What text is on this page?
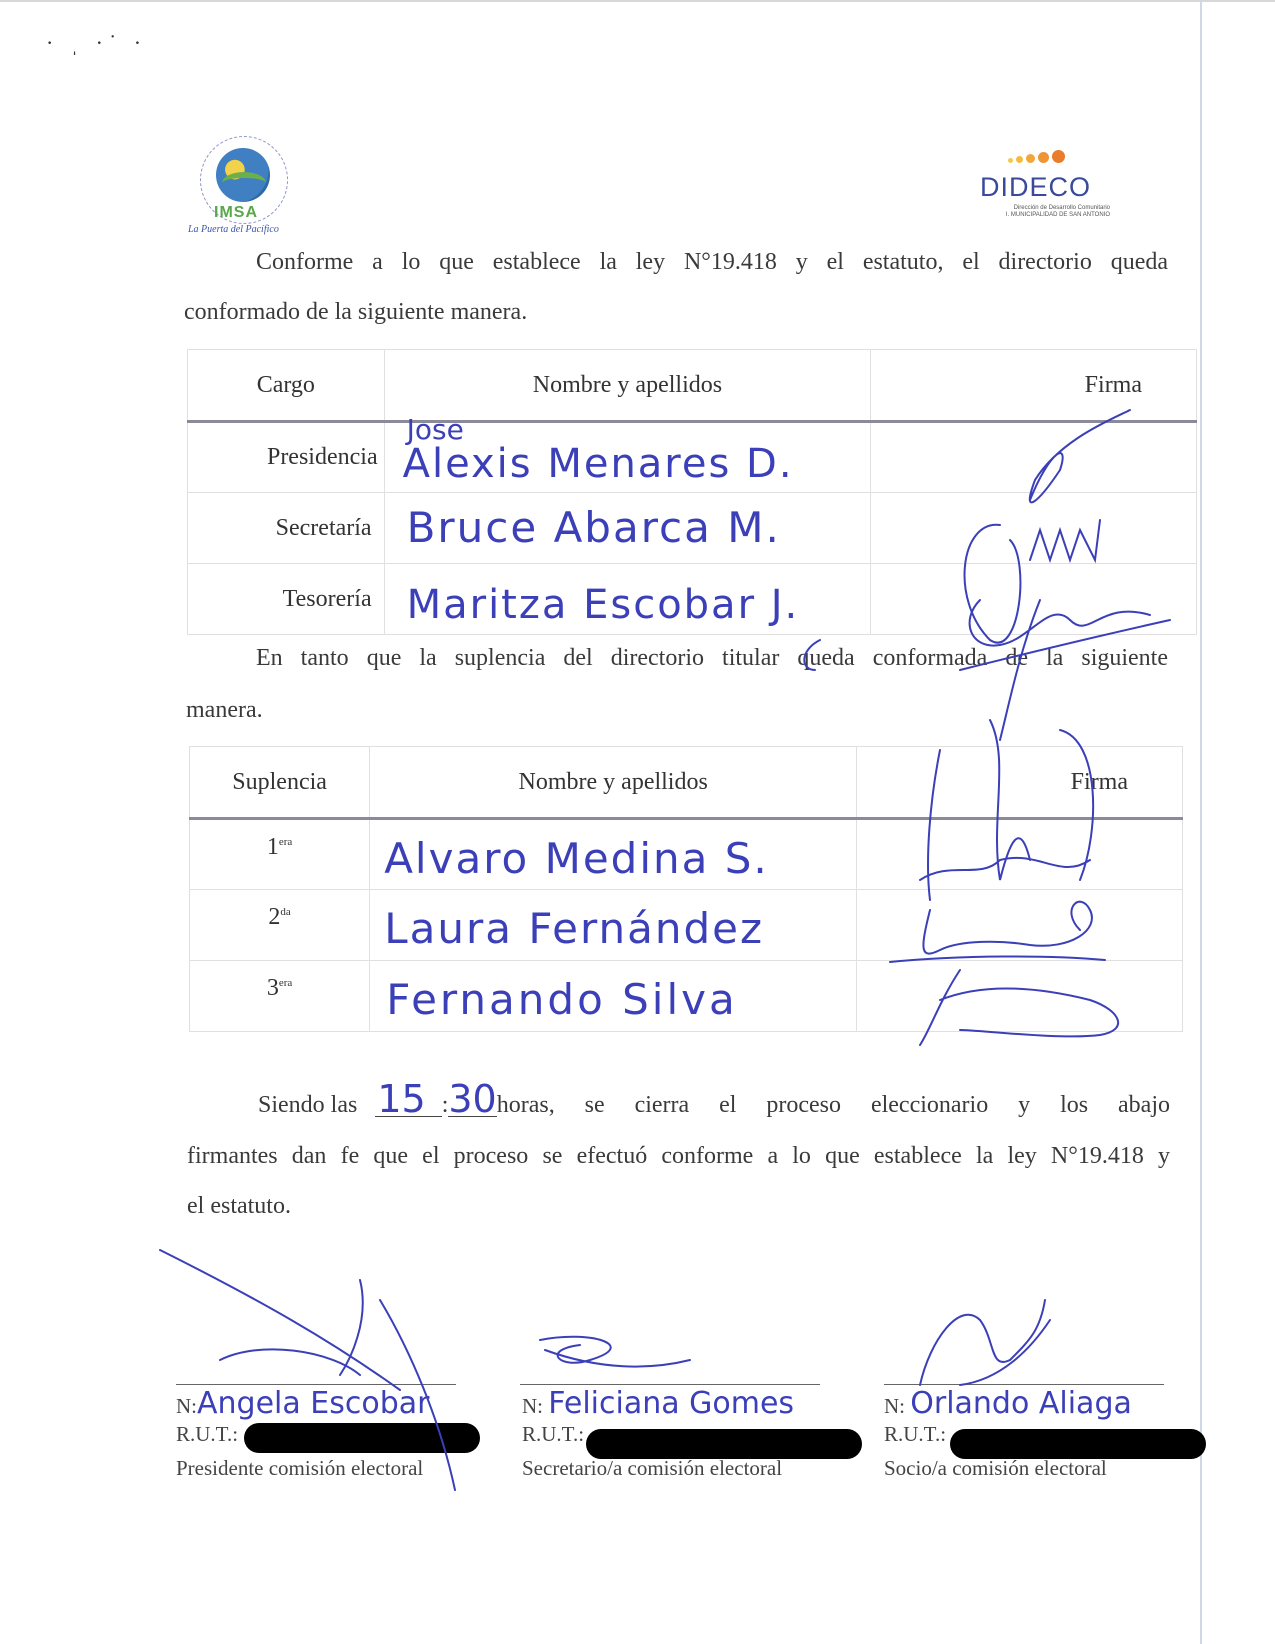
· ˌ ·˙ ·
IMSA
La Puerta del Pacífico
DIDECO
Dirección de Desarrollo Comunitario
I. MUNICIPALIDAD DE SAN ANTONIO
Conforme a lo que establece la ley N°19.418 y el estatuto, el directorio queda
conformado de la siguiente manera.
Cargo	Nombre y apellidos	Firma
Presidencia	Jose
Alexis Menares D.	

Secretaría	Bruce Abarca M.	

Tesorería	Maritza Escobar J.	

En tanto que la suplencia del directorio titular queda conformada de la siguiente
manera.
Suplencia	Nombre y apellidos	Firma
$1^{era}$	Alvaro Medina S.	

$2^{da}$	Laura Fernández	

$3^{era}$	Fernando Silva	

Siendo las 15 : 30 horas, se cierra el proceso eleccionario y los abajo
firmantes dan fe que el proceso se efectuó conforme a lo que establece la ley N°19.418 y
el estatuto.
N:Angela Escobar
R.U.T.:
Presidente comisión electoral
N: Feliciana Gomes
R.U.T.:
Secretario/a comisión electoral
N: Orlando Aliaga
R.U.T.:
Socio/a comisión electoral
